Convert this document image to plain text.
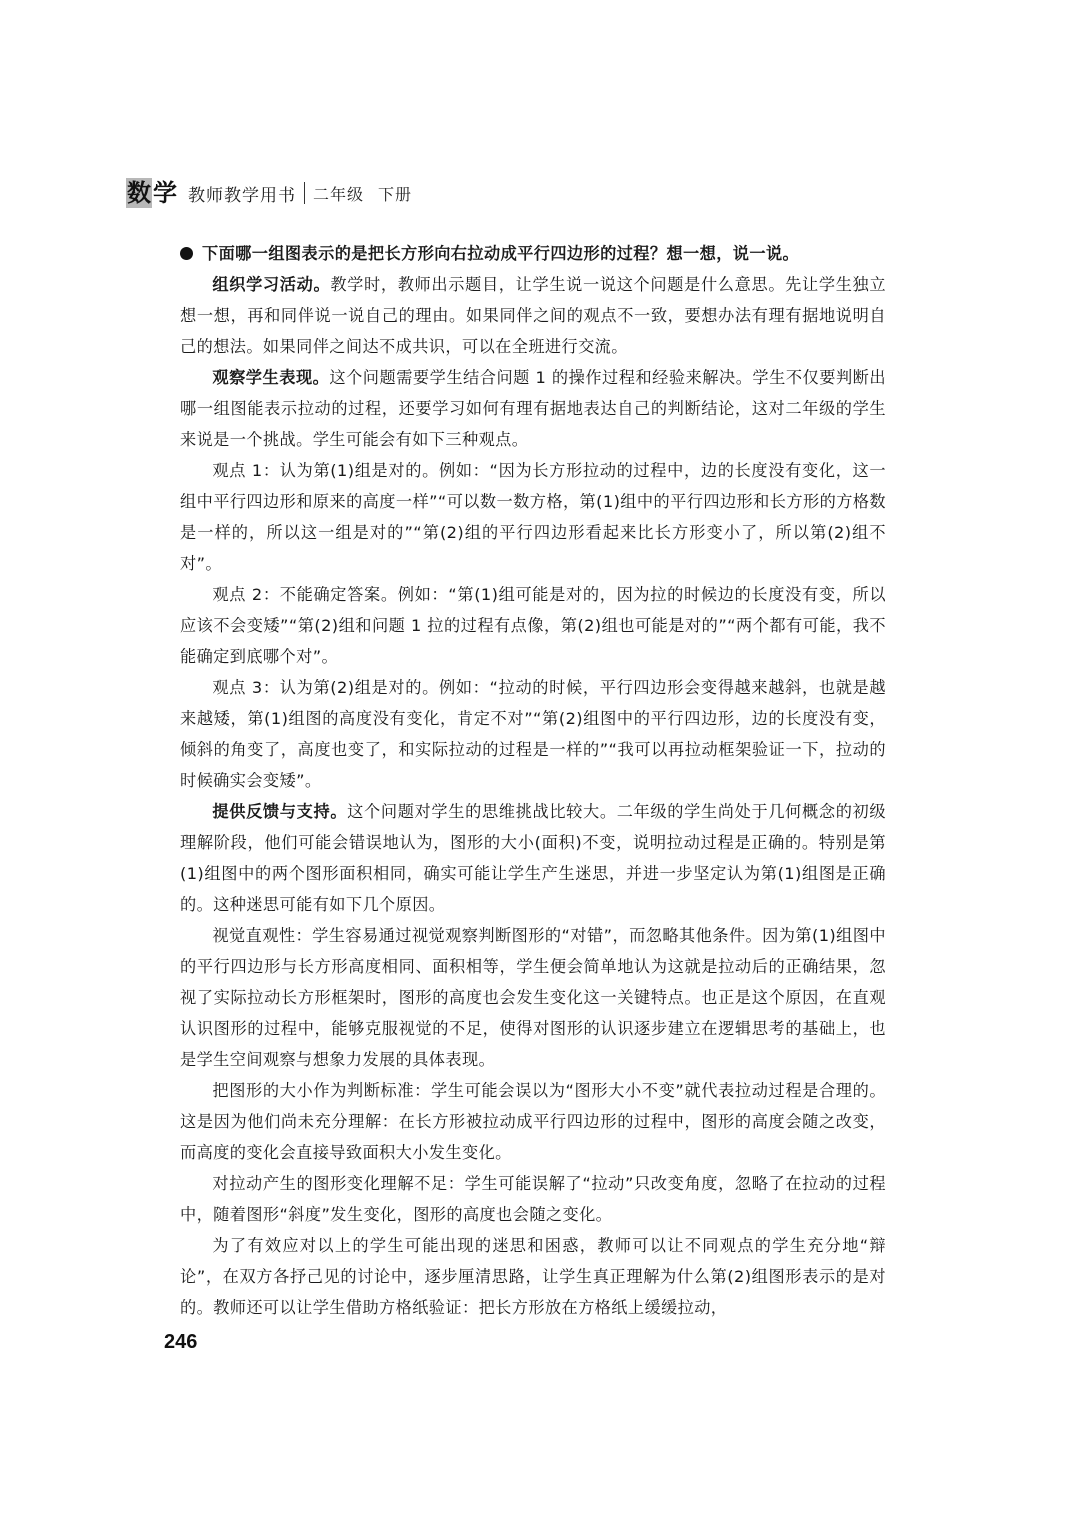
数 学 教师教学用书 二年级 下册

下面哪一组图表示的是把长方形向右拉动成平行四边形的过程？想一想，说一说。

组织学习活动。教学时，教师出示题目，让学生说一说这个问题是什么意思。先让学生独立想一想，再和同伴说一说自己的理由。如果同伴之间的观点不一致，要想办法有理有据地说明自己的想法。如果同伴之间达不成共识，可以在全班进行交流。

观察学生表现。这个问题需要学生结合问题 1 的操作过程和经验来解决。学生不仅要判断出哪一组图能表示拉动的过程，还要学习如何有理有据地表达自己的判断结论，这对二年级的学生来说是一个挑战。学生可能会有如下三种观点。

观点 1：认为第(1)组是对的。例如：“因为长方形拉动的过程中，边的长度没有变化，这一组中平行四边形和原来的高度一样”“可以数一数方格，第(1)组中的平行四边形和长方形的方格数是一样的，所以这一组是对的”“第(2)组的平行四边形看起来比长方形变小了，所以第(2)组不对”。

观点 2：不能确定答案。例如：“第(1)组可能是对的，因为拉的时候边的长度没有变，所以应该不会变矮”“第(2)组和问题 1 拉的过程有点像，第(2)组也可能是对的”“两个都有可能，我不能确定到底哪个对”。

观点 3：认为第(2)组是对的。例如：“拉动的时候，平行四边形会变得越来越斜，也就是越来越矮，第(1)组图的高度没有变化，肯定不对”“第(2)组图中的平行四边形，边的长度没有变，倾斜的角变了，高度也变了，和实际拉动的过程是一样的”“我可以再拉动框架验证一下，拉动的时候确实会变矮”。

提供反馈与支持。这个问题对学生的思维挑战比较大。二年级的学生尚处于几何概念的初级理解阶段，他们可能会错误地认为，图形的大小(面积)不变，说明拉动过程是正确的。特别是第(1)组图中的两个图形面积相同，确实可能让学生产生迷思，并进一步坚定认为第(1)组图是正确的。这种迷思可能有如下几个原因。

视觉直观性：学生容易通过视觉观察判断图形的“对错”，而忽略其他条件。因为第(1)组图中的平行四边形与长方形高度相同、面积相等，学生便会简单地认为这就是拉动后的正确结果，忽视了实际拉动长方形框架时，图形的高度也会发生变化这一关键特点。也正是这个原因，在直观认识图形的过程中，能够克服视觉的不足，使得对图形的认识逐步建立在逻辑思考的基础上，也是学生空间观察与想象力发展的具体表现。

把图形的大小作为判断标准：学生可能会误以为“图形大小不变”就代表拉动过程是合理的。这是因为他们尚未充分理解：在长方形被拉动成平行四边形的过程中，图形的高度会随之改变，而高度的变化会直接导致面积大小发生变化。

对拉动产生的图形变化理解不足：学生可能误解了“拉动”只改变角度，忽略了在拉动的过程中，随着图形“斜度”发生变化，图形的高度也会随之变化。

为了有效应对以上的学生可能出现的迷思和困惑，教师可以让不同观点的学生充分地“辩论”，在双方各抒己见的讨论中，逐步厘清思路，让学生真正理解为什么第(2)组图形表示的是对的。教师还可以让学生借助方格纸验证：把长方形放在方格纸上缓缓拉动，

246
